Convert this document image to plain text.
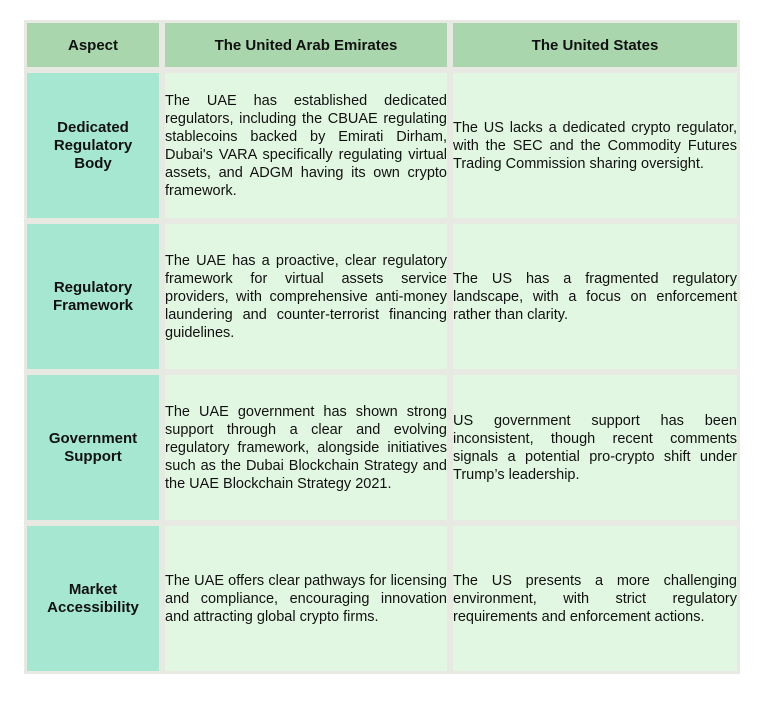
Aspect	The United Arab Emirates	The United States
Dedicated Regulatory Body	The UAE has established dedicated regulators, including the CBUAE regulating stablecoins backed by Emirati Dirham, Dubai's VARA specifically regulating virtual assets, and ADGM having its own crypto framework.	The US lacks a dedicated crypto regulator, with the SEC and the Commodity Futures Trading Commission sharing oversight.

Regulatory Framework	The UAE has a proactive, clear regulatory framework for virtual assets service providers, with comprehensive anti-money laundering and counter-terrorist financing guidelines.	The US has a fragmented regulatory landscape, with a focus on enforcement rather than clarity.

Government Support	The UAE government has shown strong support through a clear and evolving regulatory framework, alongside initiatives such as the Dubai Blockchain Strategy and the UAE Blockchain Strategy 2021.	US government support has been inconsistent, though recent comments signals a potential pro-crypto shift under Trump’s leadership.

Market Accessibility	The UAE offers clear pathways for licensing and compliance, encouraging innovation and attracting global crypto firms.	The US presents a more challenging environment, with strict regulatory requirements and enforcement actions.
